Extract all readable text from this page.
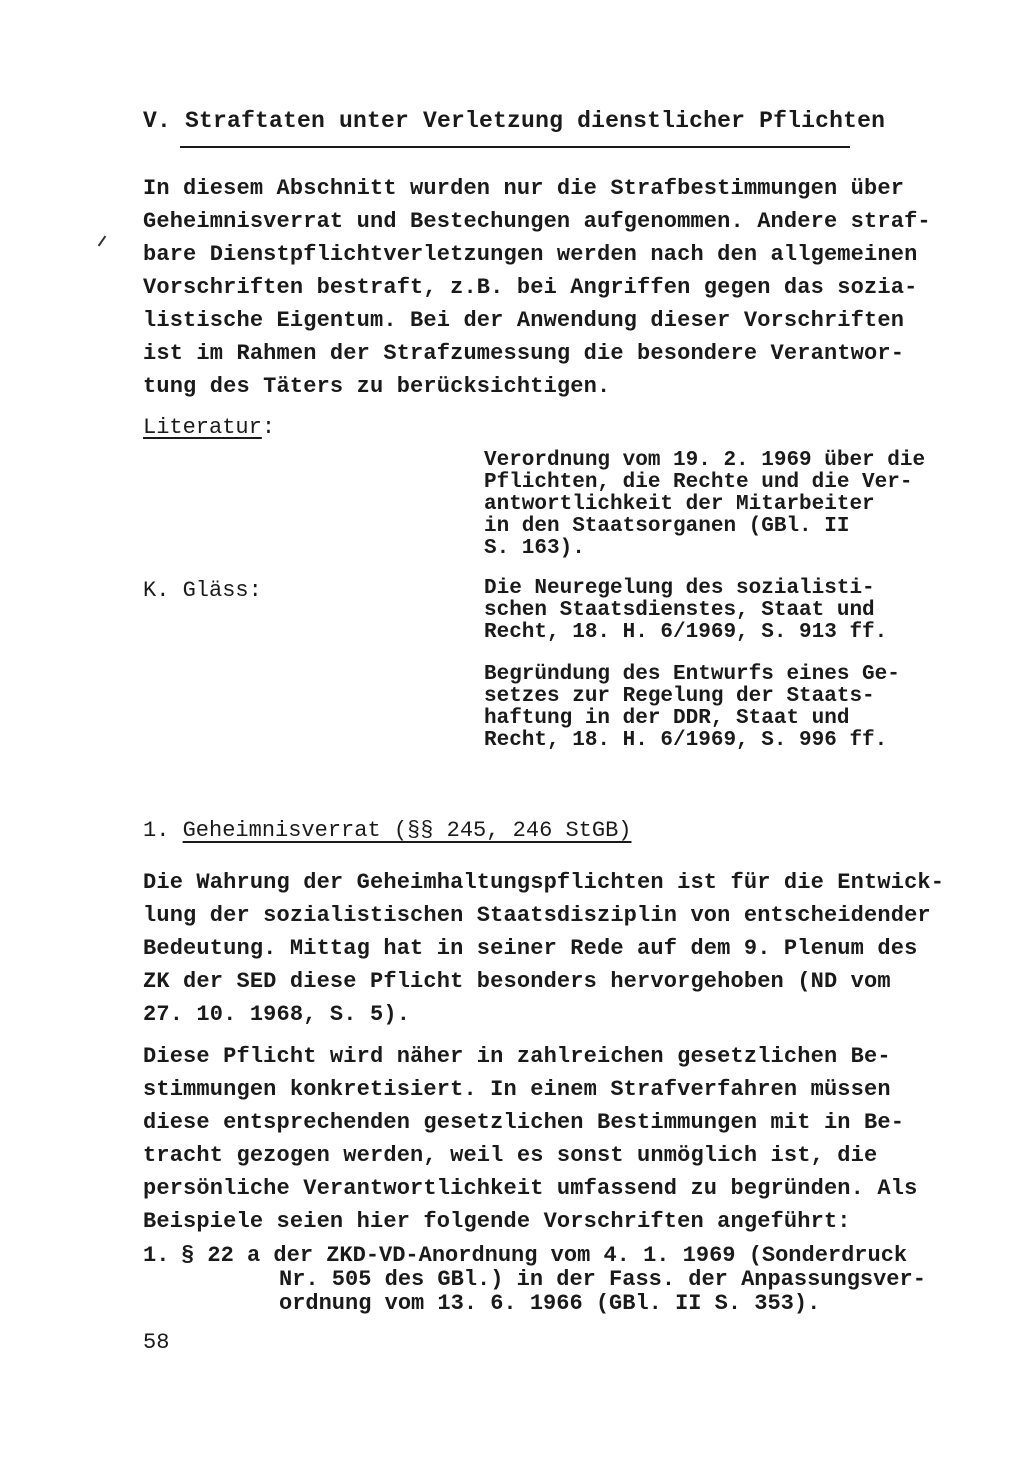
V. Straftaten unter Verletzung dienstlicher Pflichten
In diesem Abschnitt wurden nur die Strafbestimmungen über
Geheimnisverrat und Bestechungen aufgenommen. Andere straf-
bare Dienstpflichtverletzungen werden nach den allgemeinen
Vorschriften bestraft, z.B. bei Angriffen gegen das sozia-
listische Eigentum. Bei der Anwendung dieser Vorschriften
ist im Rahmen der Strafzumessung die besondere Verantwor-
tung des Täters zu berücksichtigen.
Literatur:
Verordnung vom 19. 2. 1969 über die
Pflichten, die Rechte und die Ver-
antwortlichkeit der Mitarbeiter
in den Staatsorganen (GBl. II
S. 163).
K. Gläss:	Die Neuregelung des sozialisti-
schen Staatsdienstes, Staat und
Recht, 18. H. 6/1969, S. 913 ff.
Begründung des Entwurfs eines Ge-
setzes zur Regelung der Staats-
haftung in der DDR, Staat und
Recht, 18. H. 6/1969, S. 996 ff.
1. Geheimnisverrat (§§ 245, 246 StGB)
Die Wahrung der Geheimhaltungspflichten ist für die Entwick-
lung der sozialistischen Staatsdisziplin von entscheidender
Bedeutung. Mittag hat in seiner Rede auf dem 9. Plenum des
ZK der SED diese Pflicht besonders hervorgehoben (ND vom
27. 10. 1968, S. 5).
Diese Pflicht wird näher in zahlreichen gesetzlichen Be-
stimmungen konkretisiert. In einem Strafverfahren müssen
diese entsprechenden gesetzlichen Bestimmungen mit in Be-
tracht gezogen werden, weil es sonst unmöglich ist, die
persönliche Verantwortlichkeit umfassend zu begründen. Als
Beispiele seien hier folgende Vorschriften angeführt:
1. § 22 a der ZKD-VD-Anordnung vom 4. 1. 1969 (Sonderdruck
Nr. 505 des GBl.) in der Fass. der Anpassungsver-
ordnung vom 13. 6. 1966 (GBl. II S. 353).
58
